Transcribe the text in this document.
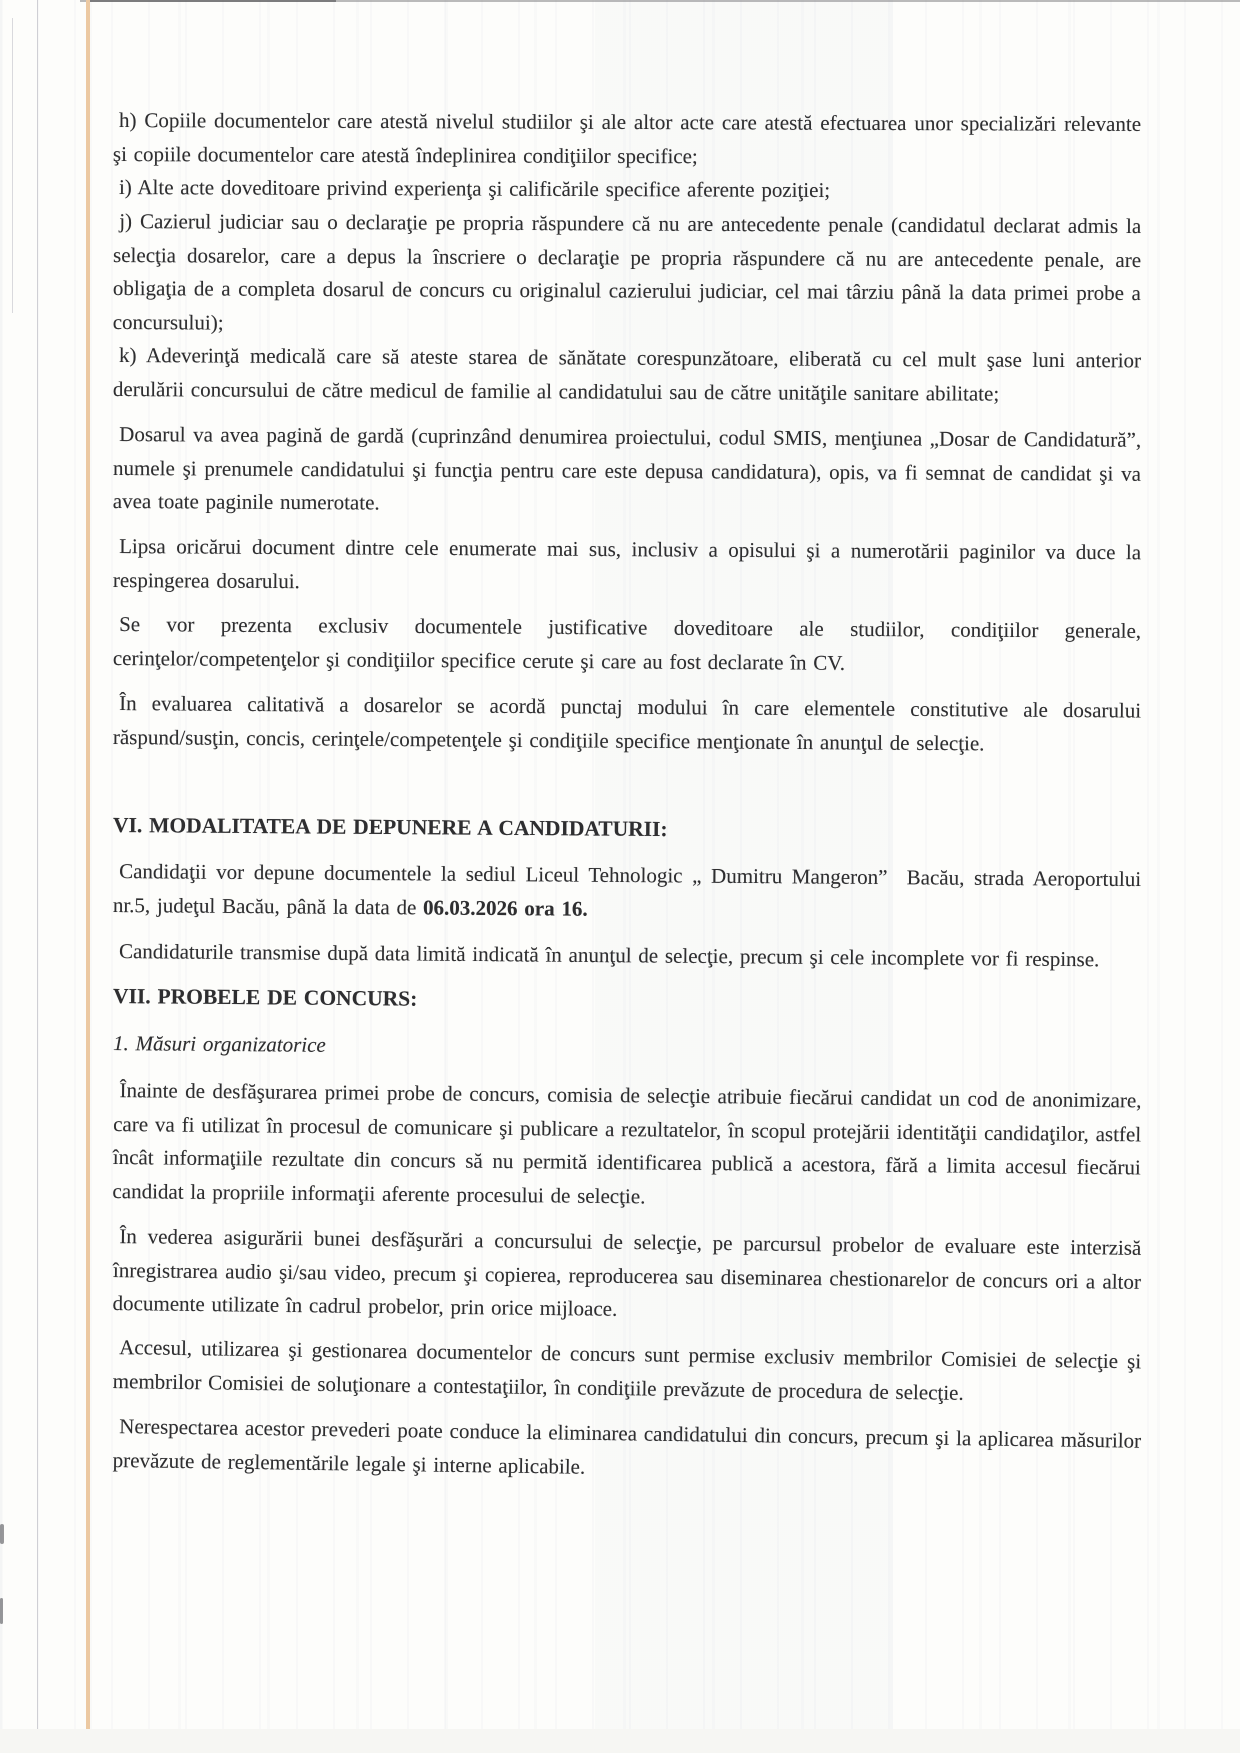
h) Copiile documentelor care atestă nivelul studiilor şi ale altor acte care atestă efectuarea unor specializări relevante şi copiile documentelor care atestă îndeplinirea condiţiilor specifice;

i) Alte acte doveditoare privind experienţa şi calificările specifice aferente poziţiei;

j) Cazierul judiciar sau o declaraţie pe propria răspundere că nu are antecedente penale (candidatul declarat admis la selecţia dosarelor, care a depus la înscriere o declaraţie pe propria răspundere că nu are antecedente penale, are obligaţia de a completa dosarul de concurs cu originalul cazierului judiciar, cel mai târziu până la data primei probe a concursului);

k) Adeverinţă medicală care să ateste starea de sănătate corespunzătoare, eliberată cu cel mult şase luni anterior derulării concursului de către medicul de familie al candidatului sau de către unităţile sanitare abilitate;

Dosarul va avea pagină de gardă (cuprinzând denumirea proiectului, codul SMIS, menţiunea „Dosar de Candidatură”, numele şi prenumele candidatului şi funcţia pentru care este depusa candidatura), opis, va fi semnat de candidat şi va avea toate paginile numerotate.

Lipsa oricărui document dintre cele enumerate mai sus, inclusiv a opisului şi a numerotării paginilor va duce la respingerea dosarului.

Se vor prezenta exclusiv documentele justificative doveditoare ale studiilor, condiţiilor generale, cerinţelor/competenţelor şi condiţiilor specifice cerute şi care au fost declarate în CV.

În evaluarea calitativă a dosarelor se acordă punctaj modului în care elementele constitutive ale dosarului răspund/susţin, concis, cerinţele/competenţele şi condiţiile specifice menţionate în anunţul de selecţie.

VI. MODALITATEA DE DEPUNERE A CANDIDATURII:

Candidaţii vor depune documentele la sediul Liceul Tehnologic „ Dumitru Mangeron”  Bacău, strada Aeroportului nr.5, judeţul Bacău, până la data de 06.03.2026 ora 16.

Candidaturile transmise după data limită indicată în anunţul de selecţie, precum şi cele incomplete vor fi respinse.

VII. PROBELE DE CONCURS:
1. Măsuri organizatorice

Înainte de desfăşurarea primei probe de concurs, comisia de selecţie atribuie fiecărui candidat un cod de anonimizare, care va fi utilizat în procesul de comunicare şi publicare a rezultatelor, în scopul protejării identităţii candidaţilor, astfel încât informaţiile rezultate din concurs să nu permită identificarea publică a acestora, fără a limita accesul fiecărui candidat la propriile informaţii aferente procesului de selecţie.

În vederea asigurării bunei desfăşurări a concursului de selecţie, pe parcursul probelor de evaluare este interzisă înregistrarea audio şi/sau video, precum şi copierea, reproducerea sau diseminarea chestionarelor de concurs ori a altor documente utilizate în cadrul probelor, prin orice mijloace.

Accesul, utilizarea şi gestionarea documentelor de concurs sunt permise exclusiv membrilor Comisiei de selecţie şi membrilor Comisiei de soluţionare a contestaţiilor, în condiţiile prevăzute de procedura de selecţie.

Nerespectarea acestor prevederi poate conduce la eliminarea candidatului din concurs, precum şi la aplicarea măsurilor prevăzute de reglementările legale şi interne aplicabile.
